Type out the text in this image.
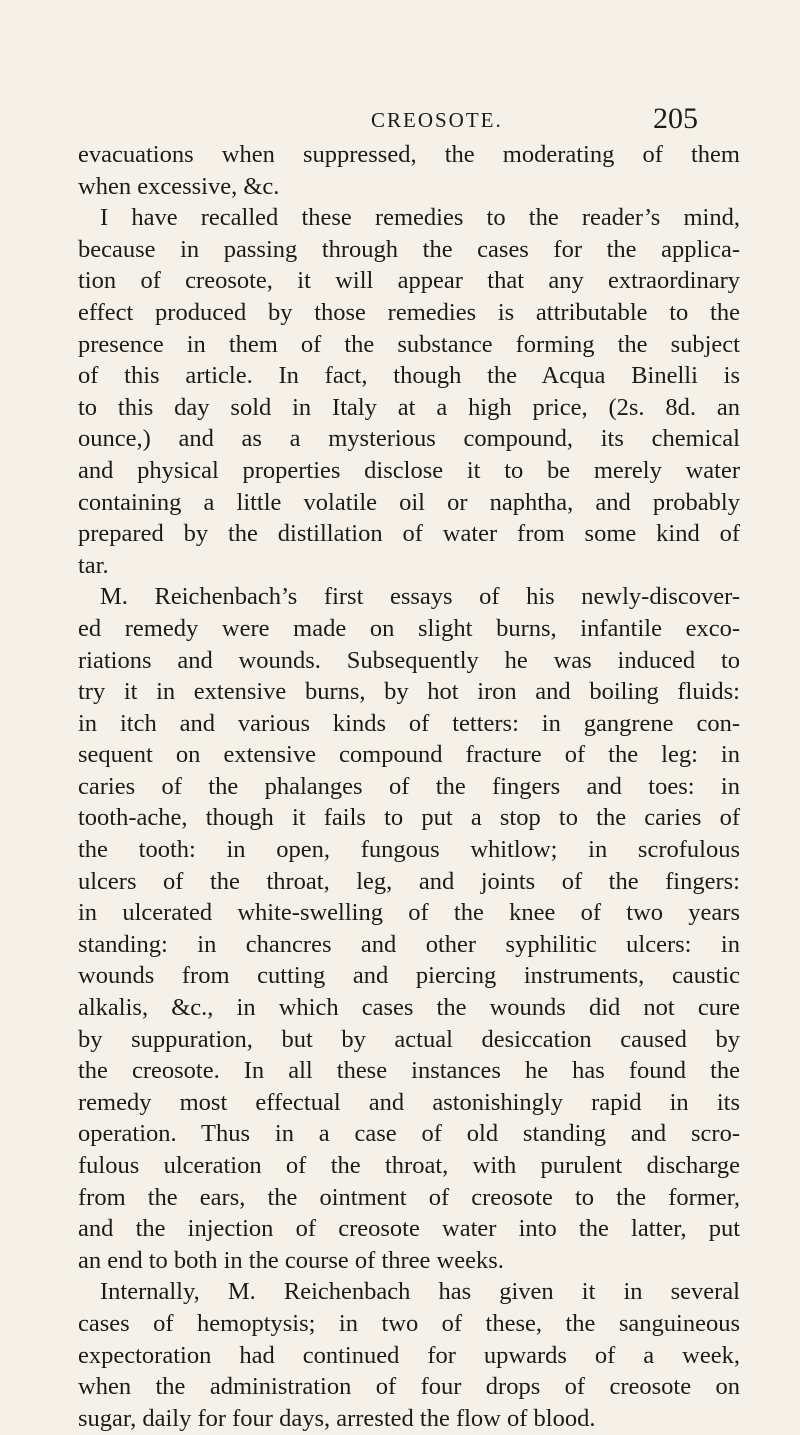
CREOSOTE.	205
evacuations when suppressed, the moderating of them
when excessive, &c.
I have recalled these remedies to the reader’s mind,
because in passing through the cases for the applica-
tion of creosote, it will appear that any extraordinary
effect produced by those remedies is attributable to the
presence in them of the substance forming the subject
of this article. In fact, though the Acqua Binelli is
to this day sold in Italy at a high price, (2s. 8d. an
ounce,) and as a mysterious compound, its chemical
and physical properties disclose it to be merely water
containing a little volatile oil or naphtha, and probably
prepared by the distillation of water from some kind of
tar.
M. Reichenbach’s first essays of his newly-discover-
ed remedy were made on slight burns, infantile exco-
riations and wounds. Subsequently he was induced to
try it in extensive burns, by hot iron and boiling fluids:
in itch and various kinds of tetters: in gangrene con-
sequent on extensive compound fracture of the leg: in
caries of the phalanges of the fingers and toes: in
tooth-ache, though it fails to put a stop to the caries of
the tooth: in open, fungous whitlow; in scrofulous
ulcers of the throat, leg, and joints of the fingers:
in ulcerated white-swelling of the knee of two years
standing: in chancres and other syphilitic ulcers: in
wounds from cutting and piercing instruments, caustic
alkalis, &c., in which cases the wounds did not cure
by suppuration, but by actual desiccation caused by
the creosote. In all these instances he has found the
remedy most effectual and astonishingly rapid in its
operation. Thus in a case of old standing and scro-
fulous ulceration of the throat, with purulent discharge
from the ears, the ointment of creosote to the former,
and the injection of creosote water into the latter, put
an end to both in the course of three weeks.
Internally, M. Reichenbach has given it in several
cases of hemoptysis; in two of these, the sanguineous
expectoration had continued for upwards of a week,
when the administration of four drops of creosote on
sugar, daily for four days, arrested the flow of blood.
